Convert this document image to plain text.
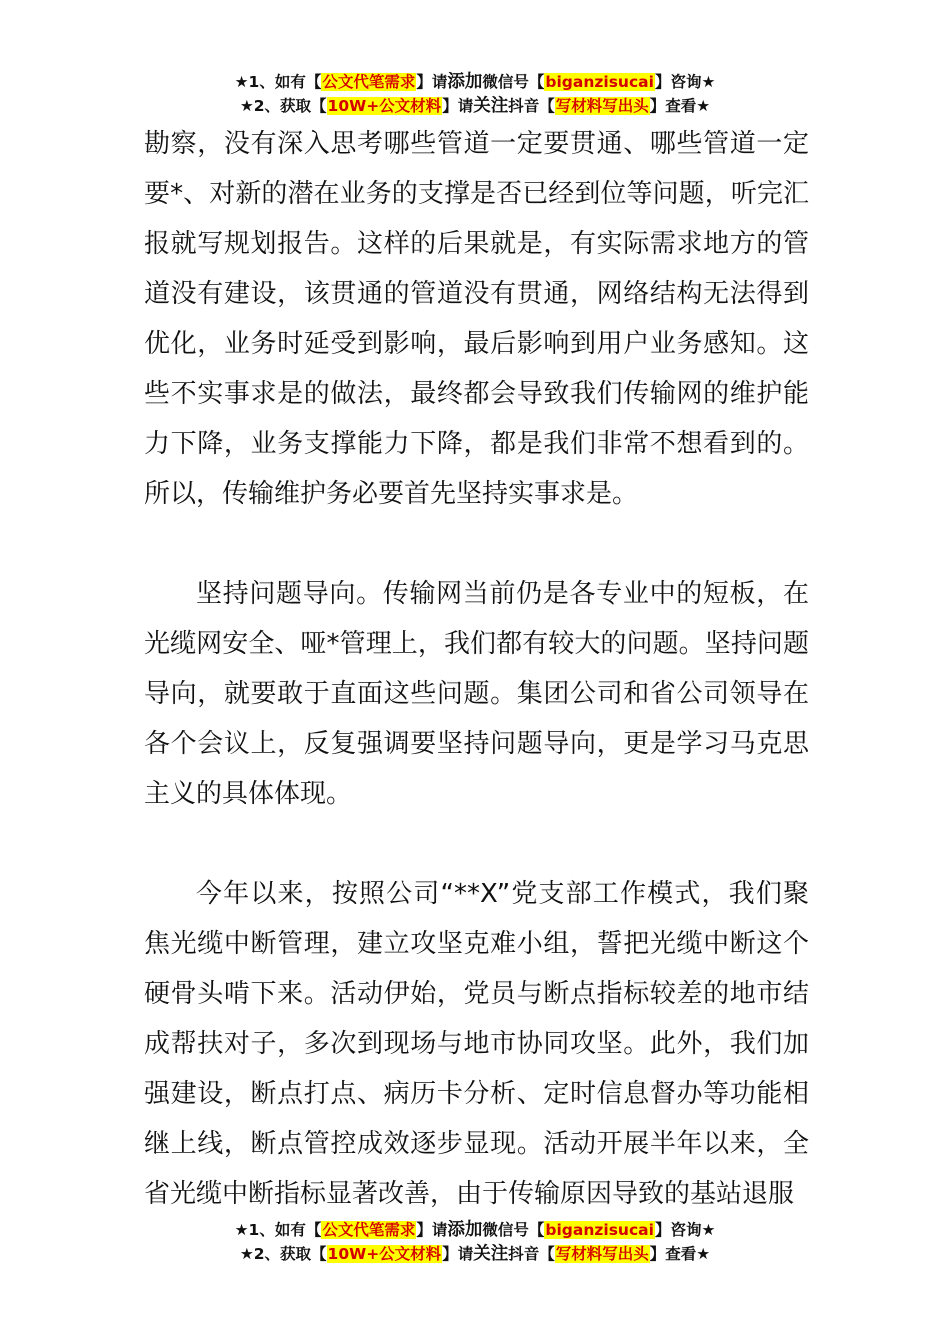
★1、如有【公文代笔需求】请添加微信号【biganzisucai】咨询★
★2、获取【10W+公文材料】请关注抖音【写材料写出头】查看★

勘察，没有深入思考哪些管道一定要贯通、哪些管道一定要*、对新的潜在业务的支撑是否已经到位等问题，听完汇报就写规划报告。这样的后果就是，有实际需求地方的管道没有建设，该贯通的管道没有贯通，网络结构无法得到优化，业务时延受到影响，最后影响到用户业务感知。这些不实事求是的做法，最终都会导致我们传输网的维护能力下降，业务支撑能力下降，都是我们非常不想看到的。所以，传输维护务必要首先坚持实事求是。

坚持问题导向。传输网当前仍是各专业中的短板，在光缆网安全、哑*管理上，我们都有较大的问题。坚持问题导向，就要敢于直面这些问题。集团公司和省公司领导在各个会议上，反复强调要坚持问题导向，更是学习马克思主义的具体体现。

今年以来，按照公司“**X”党支部工作模式，我们聚焦光缆中断管理，建立攻坚克难小组，誓把光缆中断这个硬骨头啃下来。活动伊始，党员与断点指标较差的地市结成帮扶对子，多次到现场与地市协同攻坚。此外，我们加强建设，断点打点、病历卡分析、定时信息督办等功能相继上线，断点管控成效逐步显现。活动开展半年以来，全省光缆中断指标显著改善，由于传输原因导致的基站退服

★1、如有【公文代笔需求】请添加微信号【biganzisucai】咨询★
★2、获取【10W+公文材料】请关注抖音【写材料写出头】查看★
